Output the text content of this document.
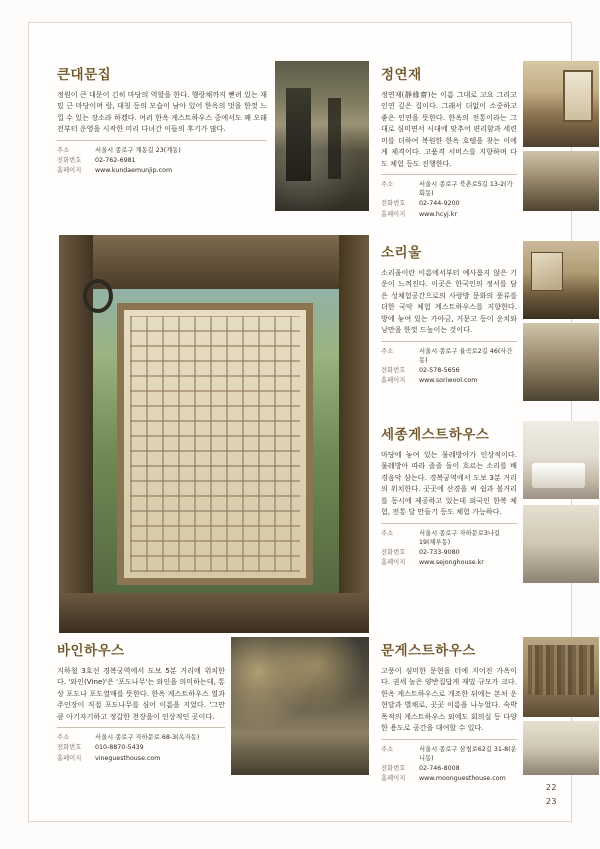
큰대문집

정원이 큰 대문이 긴히 마당의 역할을 한다. 행랑채까지 뻗려 있는 재밌 근 마당이며 랑, 대칭 등의 모습이 남아 있어 한옥의 멋을 한껏 느낄 수 있는 장소라 하겠다. 여러 한옥 게스트하우스 중에서도 꽤 오래전부터 운영을 시작한 미리 다녀간 이들의 후기가 많다.

주소	서울시 종로구 계동길 23(계동)
전화번호	02-762-6981
홈페이지	www.kundaemunjip.com
정연재

정연재(靜緣齋)는 이름 그대로 고요 그리고 인연 깊은 집이다. 그래서 더없이 소중하고 좋은 인연을 뜻한다. 한옥의 전통이라는 그대로 심미면서 시대에 맞추어 편리함과 세련미를 더하여 복원한 한옥 호텔을 찾는 이에게 제격이다. 고품격 서비스를 지향하며 다도 체험 등도 진행한다.

주소	서울시 종로구 북촌로5길 13-2(가회동)
전화번호	02-744-9200
홈페이지	www.hcyj.kr
소리울

소리울이란 이름에서부터 예사롭지 않은 기운이 느껴진다. 이곳은 한국인의 정서를 담은 성체험공간으로의 사랑방 문화의 풍류를 더한 국악 체험 게스트하우스를 지향한다. 방에 놓여 있는 가야금, 거문고 등이 운치와 낭만을 한껏 드높이는 것이다.

주소	서울시 종로구 율곡로2길 46(사간동)
전화번호	02-578-5656
홈페이지	www.soriwool.com
세종게스트하우스

마당에 놓여 있는 물레방아가 인상적이다. 물레방아 따라 졸졸 돌이 흐르는 소리를 배경음악 삼는다. 경복궁역에서 도보 3분 거리의 위치한다. 곳곳에 산경을 써 쉼과 볼거리를 동시에 제공하고 있는데 외국인 한복 체험, 전통 달 만들기 등도 체험 가능하다.

주소	서울시 종로구 자하문로3나길 19(체부동)
전화번호	02-733-9080
홈페이지	www.sejonghouse.kr
바인하우스

지하철 3호선 경복궁역에서 도보 5분 거리에 위치한다. '와인(Vine)'은 '포도나무'는 와인을 의미하는데, 통상 포도나 포도열매를 뜻한다. 한옥 게스트하우스 열과 주인장이 직접 포도나무를 심어 이름을 지었다. '그만큼 아기자기하고 정갈한 천장을이 인상적인 곳이다.

주소	서울시 종로구 자하문로 68-3(옥자동)
전화번호	010-8870-5439
홈페이지	vineguesthouse.com
문게스트하우스

고풍이 심미한 문현을 터에 지어진 가옥이다. 권세 높은 양반집답게 재밌 규모가 크다. 한옥 게스트하우스로 개조한 뒤에는 본처 운현달과 별채로, 곳곳 이름을 나누었다. 숙박 목적의 게스트하우스 외에도 회의실 등 다양한 용도로 공간을 대여할 수 있다.

주소	서울시 종로구 삼청로62길 31-8(운니동)
전화번호	02-746-8008
홈페이지	www.moonguesthouse.com
22
23
